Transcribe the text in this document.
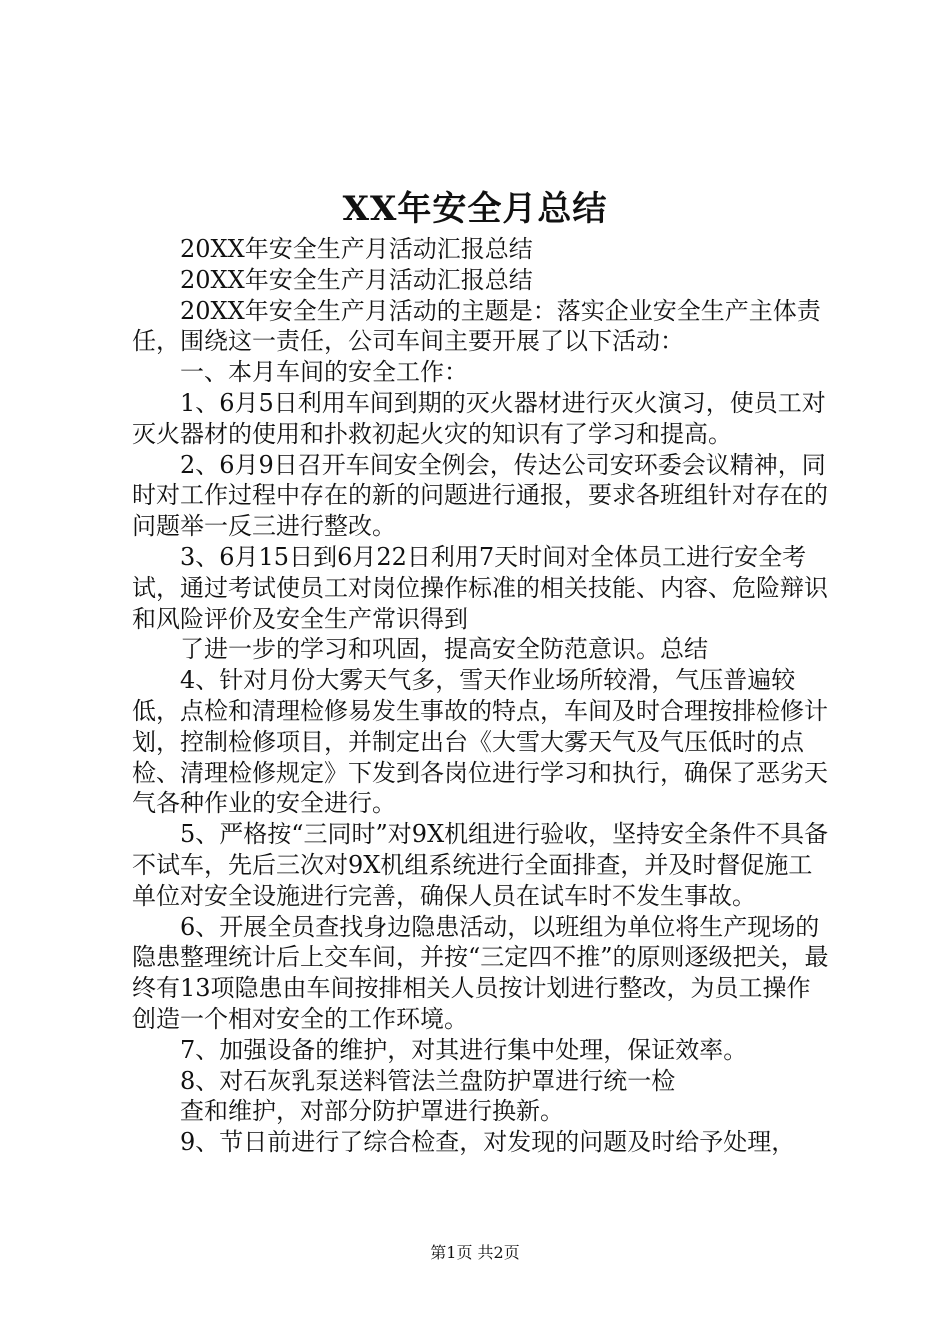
XX年安全月总结

20XX年安全生产月活动汇报总结

20XX年安全生产月活动汇报总结

20XX年安全生产月活动的主题是：落实企业安全生产主体责任，围绕这一责任，公司车间主要开展了以下活动：

一、本月车间的安全工作：

1、6月5日利用车间到期的灭火器材进行灭火演习，使员工对灭火器材的使用和扑救初起火灾的知识有了学习和提高。

2、6月9日召开车间安全例会，传达公司安环委会议精神，同时对工作过程中存在的新的问题进行通报，要求各班组针对存在的问题举一反三进行整改。

3、6月15日到6月22日利用7天时间对全体员工进行安全考试，通过考试使员工对岗位操作标准的相关技能、内容、危险辩识和风险评价及安全生产常识得到

了进一步的学习和巩固，提高安全防范意识。总结

4、针对月份大雾天气多，雪天作业场所较滑，气压普遍较低，点检和清理检修易发生事故的特点，车间及时合理按排检修计划，控制检修项目，并制定出台《大雪大雾天气及气压低时的点检、清理检修规定》下发到各岗位进行学习和执行，确保了恶劣天气各种作业的安全进行。

5、严格按“三同时”对9X机组进行验收，坚持安全条件不具备不试车，先后三次对9X机组系统进行全面排查，并及时督促施工单位对安全设施进行完善，确保人员在试车时不发生事故。

6、开展全员查找身边隐患活动，以班组为单位将生产现场的隐患整理统计后上交车间，并按“三定四不推”的原则逐级把关，最终有13项隐患由车间按排相关人员按计划进行整改，为员工操作创造一个相对安全的工作环境。

7、加强设备的维护，对其进行集中处理，保证效率。

8、对石灰乳泵送料管法兰盘防护罩进行统一检

查和维护，对部分防护罩进行换新。

9、节日前进行了综合检查，对发现的问题及时给予处理，

第1页 共2页
